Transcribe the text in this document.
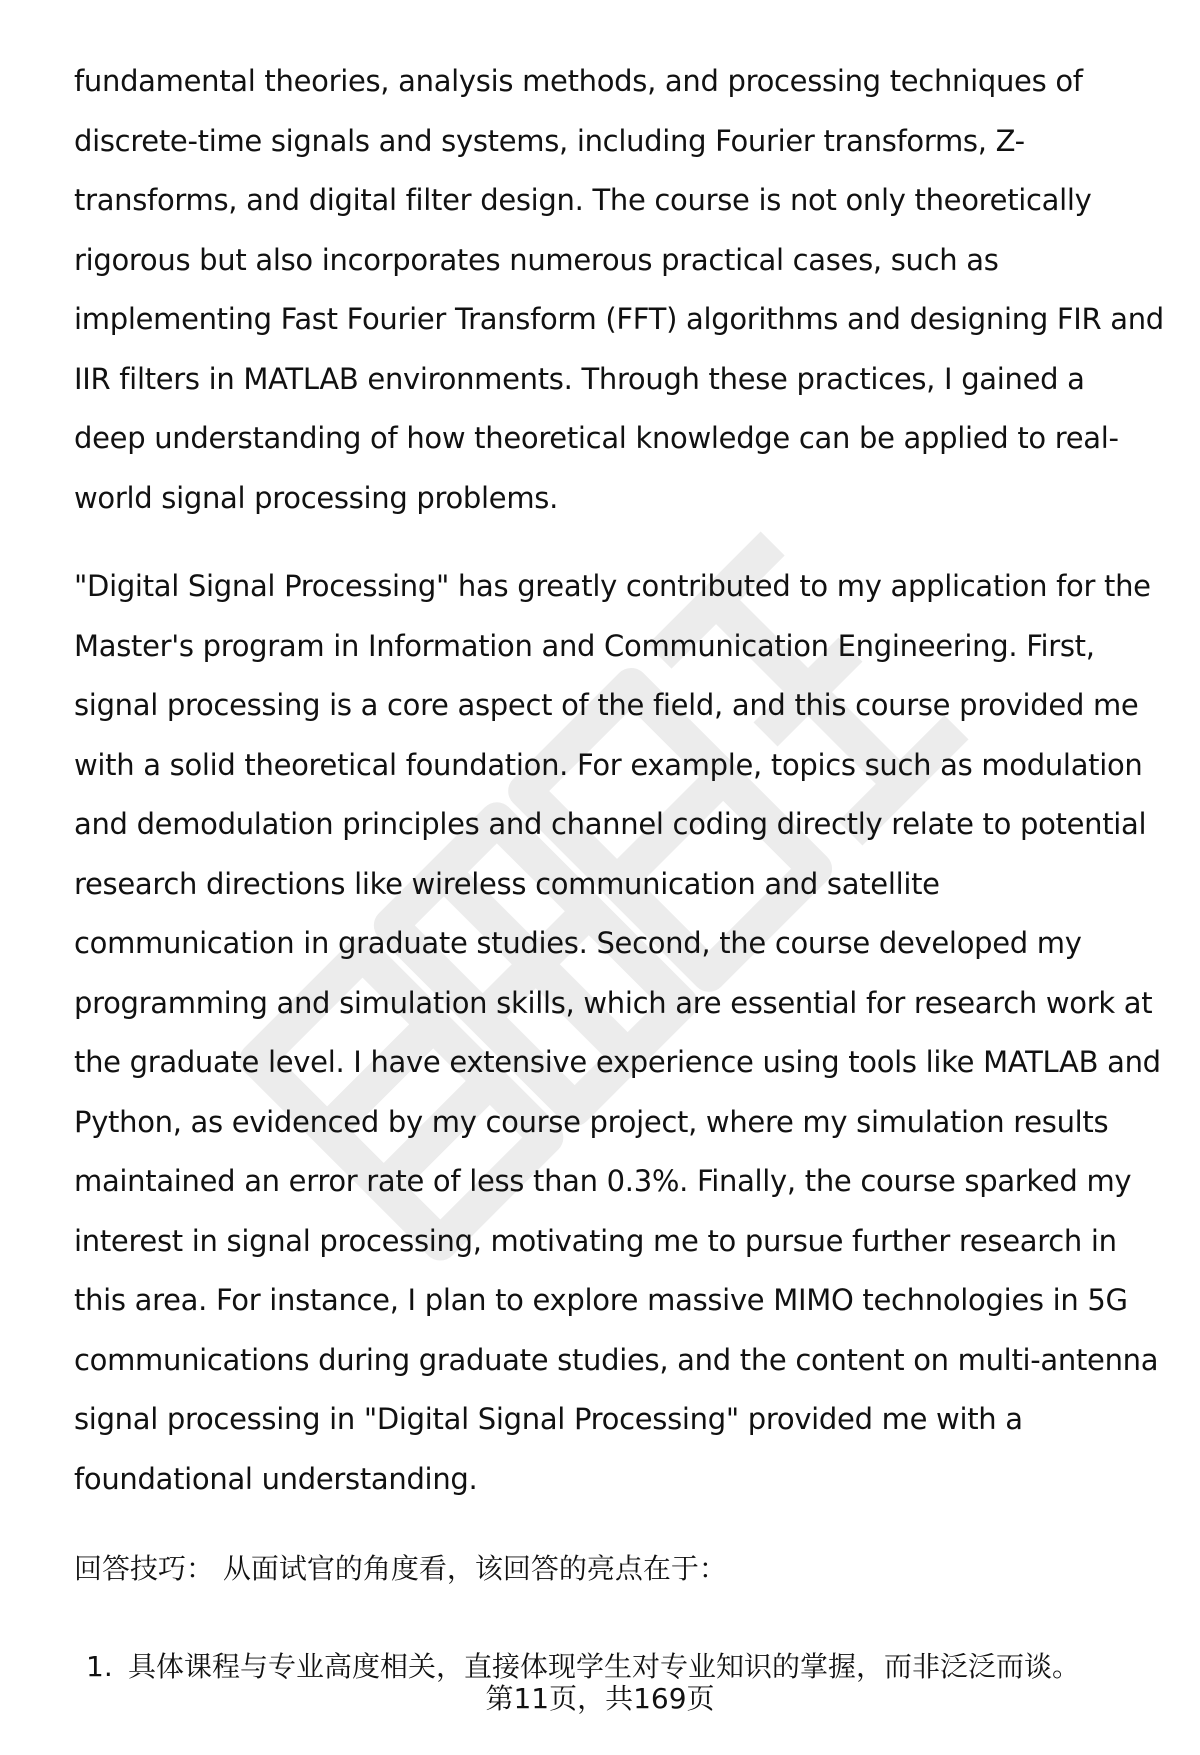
fundamental theories, analysis methods, and processing techniques of discrete-time signals and systems, including Fourier transforms, Z-transforms, and digital filter design. The course is not only theoretically rigorous but also incorporates numerous practical cases, such as implementing Fast Fourier Transform (FFT) algorithms and designing FIR and IIR filters in MATLAB environments. Through these practices, I gained a deep understanding of how theoretical knowledge can be applied to real-world signal processing problems.

"Digital Signal Processing" has greatly contributed to my application for the Master's program in Information and Communication Engineering. First, signal processing is a core aspect of the field, and this course provided me with a solid theoretical foundation. For example, topics such as modulation and demodulation principles and channel coding directly relate to potential research directions like wireless communication and satellite communication in graduate studies. Second, the course developed my programming and simulation skills, which are essential for research work at the graduate level. I have extensive experience using tools like MATLAB and Python, as evidenced by my course project, where my simulation results maintained an error rate of less than 0.3%. Finally, the course sparked my interest in signal processing, motivating me to pursue further research in this area. For instance, I plan to explore massive MIMO technologies in 5G communications during graduate studies, and the content on multi-antenna signal processing in "Digital Signal Processing" provided me with a foundational understanding.

回答技巧： 从面试官的角度看，该回答的亮点在于：

1. 具体课程与专业高度相关，直接体现学生对专业知识的掌握，而非泛泛而谈。
第11页，共169页
